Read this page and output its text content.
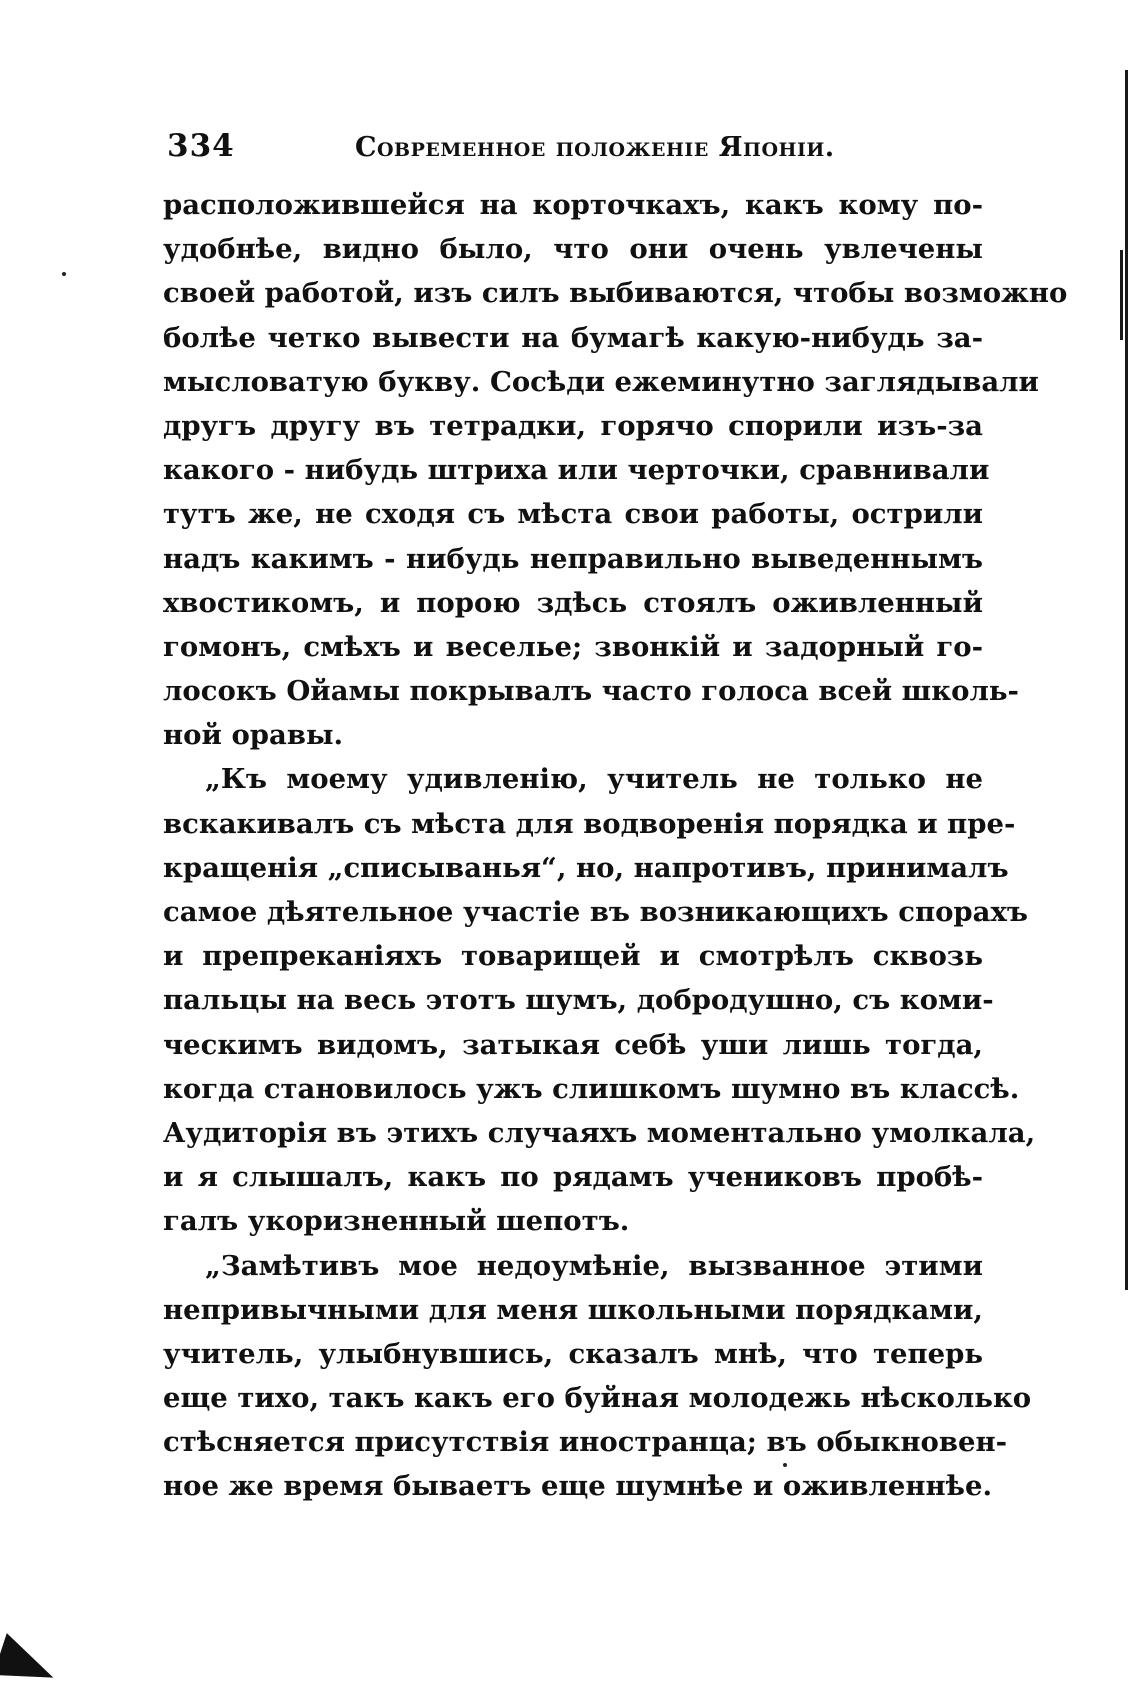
334	Современное положеніе Японіи.
расположившейся на корточкахъ, какъ кому по-
удобнѣе, видно было, что они очень увлечены
своей работой, изъ силъ выбиваются, чтобы возможно
болѣе четко вывести на бумагѣ какую-нибудь за-
мысловатую букву. Сосѣди ежеминутно заглядывали
другъ другу въ тетрадки, горячо спорили изъ-за
какого - нибудь штриха или черточки, сравнивали
тутъ же, не сходя съ мѣста свои работы, острили
надъ какимъ - нибудь неправильно выведеннымъ
хвостикомъ, и порою здѣсь стоялъ оживленный
гомонъ, смѣхъ и веселье; звонкій и задорный го-
лосокъ Ойамы покрывалъ часто голоса всей школь-
ной оравы.
„Къ моему удивленію, учитель не только не
вскакивалъ съ мѣста для водворенія порядка и пре-
кращенія „списыванья“, но, напротивъ, принималъ
самое дѣятельное участіе въ возникающихъ спорахъ
и препреканіяхъ товарищей и смотрѣлъ сквозь
пальцы на весь этотъ шумъ, добродушно, съ коми-
ческимъ видомъ, затыкая себѣ уши лишь тогда,
когда становилось ужъ слишкомъ шумно въ классѣ.
Аудиторія въ этихъ случаяхъ моментально умолкала,
и я слышалъ, какъ по рядамъ учениковъ пробѣ-
галъ укоризненный шепотъ.
„Замѣтивъ мое недоумѣніе, вызванное этими
непривычными для меня школьными порядками,
учитель, улыбнувшись, сказалъ мнѣ, что теперь
еще тихо, такъ какъ его буйная молодежь нѣсколько
стѣсняется присутствія иностранца; въ обыкновен-
ное же время бываетъ еще шумнѣе и оживленнѣе.
